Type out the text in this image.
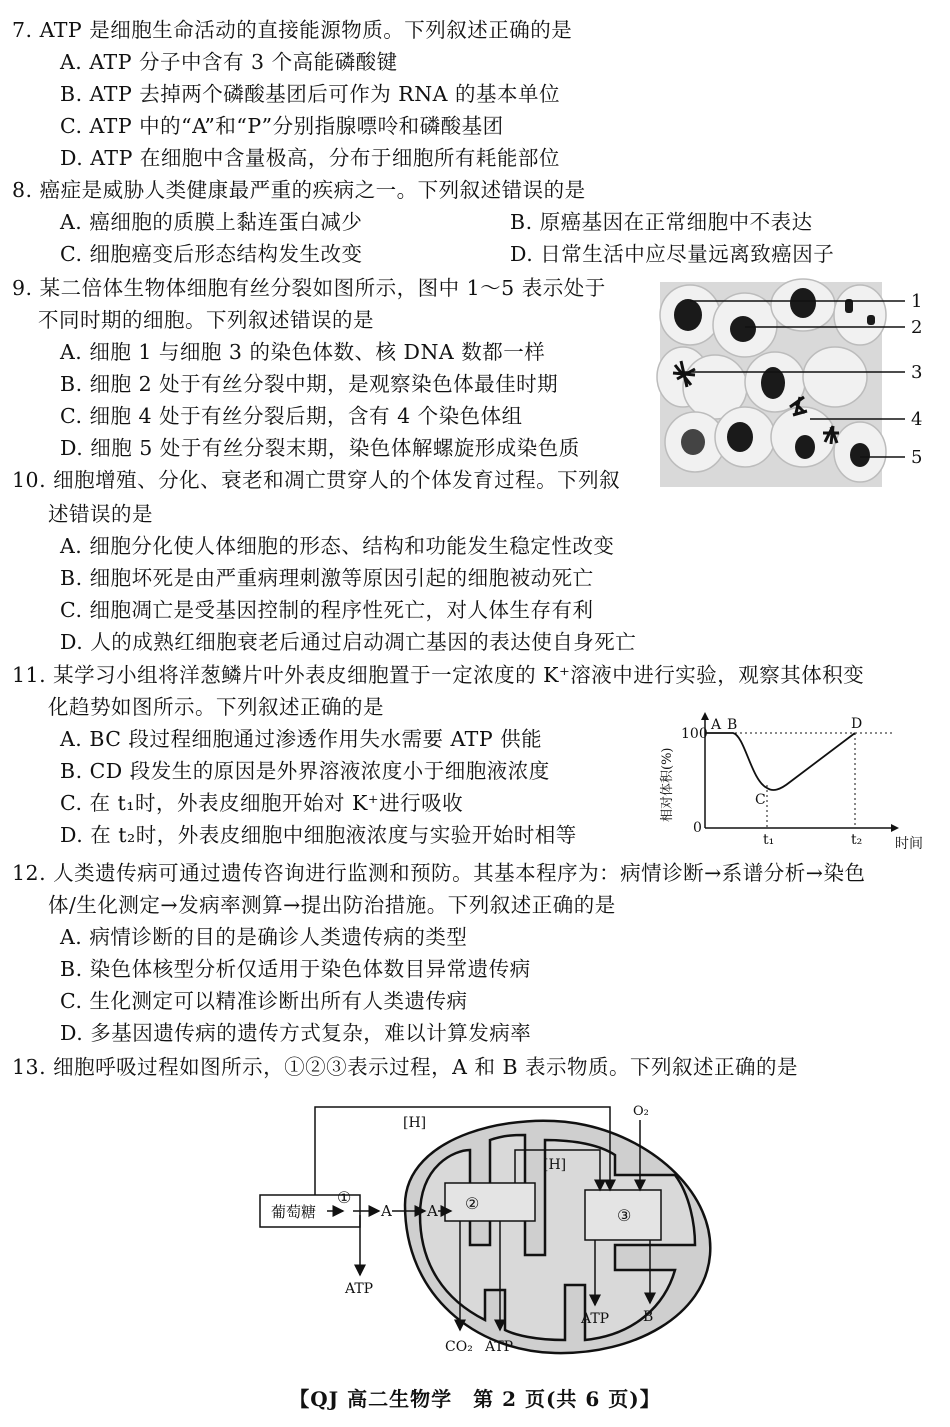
7. ATP 是细胞生命活动的直接能源物质。下列叙述正确的是
A. ATP 分子中含有 3 个高能磷酸键
B. ATP 去掉两个磷酸基团后可作为 RNA 的基本单位
C. ATP 中的“A”和“P”分别指腺嘌呤和磷酸基团
D. ATP 在细胞中含量极高，分布于细胞所有耗能部位
8. 癌症是威胁人类健康最严重的疾病之一。下列叙述错误的是
A. 癌细胞的质膜上黏连蛋白减少	B. 原癌基因在正常细胞中不表达
C. 细胞癌变后形态结构发生改变	D. 日常生活中应尽量远离致癌因子
9. 某二倍体生物体细胞有丝分裂如图所示，图中 1～5 表示处于
不同时期的细胞。下列叙述错误的是
A. 细胞 1 与细胞 3 的染色体数、核 DNA 数都一样
B. 细胞 2 处于有丝分裂中期，是观察染色体最佳时期
C. 细胞 4 处于有丝分裂后期，含有 4 个染色体组
D. 细胞 5 处于有丝分裂末期，染色体解螺旋形成染色质
1
2
3
4
5
10. 细胞增殖、分化、衰老和凋亡贯穿人的个体发育过程。下列叙
述错误的是
A. 细胞分化使人体细胞的形态、结构和功能发生稳定性改变
B. 细胞坏死是由严重病理刺激等原因引起的细胞被动死亡
C. 细胞凋亡是受基因控制的程序性死亡，对人体生存有利
D. 人的成熟红细胞衰老后通过启动凋亡基因的表达使自身死亡
11. 某学习小组将洋葱鳞片叶外表皮细胞置于一定浓度的 K⁺溶液中进行实验，观察其体积变
化趋势如图所示。下列叙述正确的是
A. BC 段过程细胞通过渗透作用失水需要 ATP 供能
B. CD 段发生的原因是外界溶液浓度小于细胞液浓度
C. 在 t₁时，外表皮细胞开始对 K⁺进行吸收
D. 在 t₂时，外表皮细胞中细胞液浓度与实验开始时相等
100
0
A B
C
D
t₁	t₂ 时间
相对体积(%)
12. 人类遗传病可通过遗传咨询进行监测和预防。其基本程序为：病情诊断→系谱分析→染色
体/生化测定→发病率测算→提出防治措施。下列叙述正确的是
A. 病情诊断的目的是确诊人类遗传病的类型
B. 染色体核型分析仅适用于染色体数目异常遗传病
C. 生化测定可以精准诊断出所有人类遗传病
D. 多基因遗传病的遗传方式复杂，难以计算发病率
13. 细胞呼吸过程如图所示，①②③表示过程，A 和 B 表示物质。下列叙述正确的是
葡萄糖	②
③
①
A A
ATP
[H]
[H]
O₂
CO₂ ATP
ATP B
【QJ 高二生物学　第 2 页(共 6 页)】
